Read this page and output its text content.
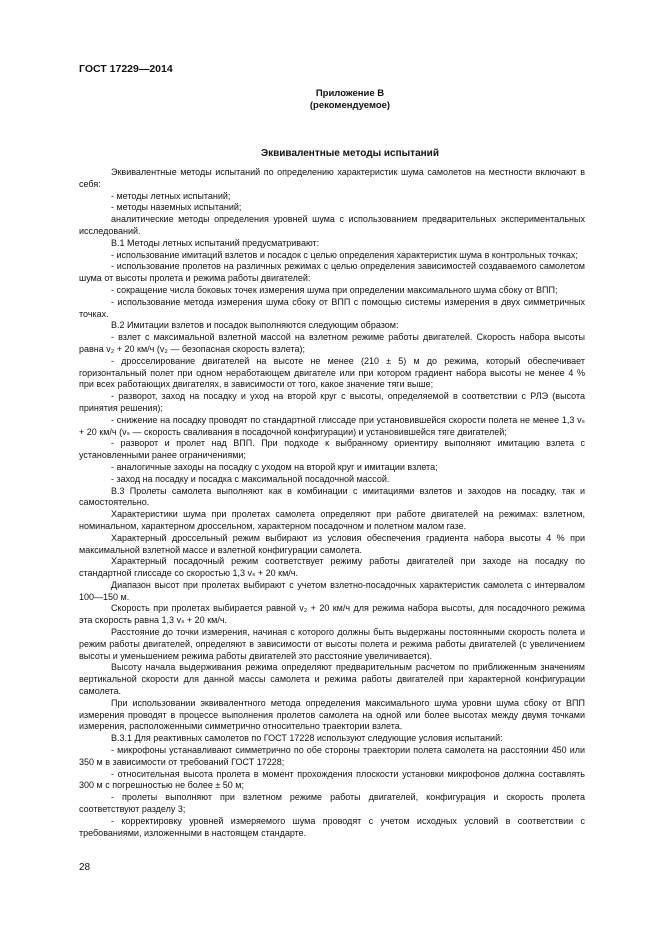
ГОСТ 17229—2014
Приложение В
(рекомендуемое)
Эквивалентные методы испытаний

Эквивалентные методы испытаний по определению характеристик шума самолетов на местности включают в себя:

- методы летных испытаний;

- методы наземных испытаний;

аналитические методы определения уровней шума с использованием предварительных экспериментальных исследований.

В.1 Методы летных испытаний предусматривают:

- использование имитаций взлетов и посадок с целью определения характеристик шума в контрольных точках;

- использование пролетов на различных режимах с целью определения зависимостей создаваемого самолетом шума от высоты пролета и режима работы двигателей:

- сокращение числа боковых точек измерения шума при определении максимального шума сбоку от ВПП;

- использование метода измерения шума сбоку от ВПП с помощью системы измерения в двух симметричных точках.

В.2 Имитации взлетов и посадок выполняются следующим образом:

- взлет с максимальной взлетной массой на взлетном режиме работы двигателей. Скорость набора высоты равна v₂ + 20 км/ч (v₂ — безопасная скорость взлета);

- дросселирование двигателей на высоте не менее (210 ± 5) м до режима, который обеспечивает горизонтальный полет при одном неработающем двигателе или при котором градиент набора высоты не менее 4 % при всех работающих двигателях, в зависимости от того, какое значение тяги выше;

- разворот, заход на посадку и уход на второй круг с высоты, определяемой в соответствии с РЛЭ (высота принятия решения);

- снижение на посадку проводят по стандартной глиссаде при установившейся скорости полета не менее 1,3 vₛ + 20 км/ч (vₛ — скорость сваливания в посадочной конфигурации) и установившейся тяге двигателей;

- разворот и пролет над ВПП. При подходе к выбранному ориентиру выполняют имитацию взлета с установленными ранее ограничениями;

- аналогичные заходы на посадку с уходом на второй круг и имитации взлета;

- заход на посадку и посадка с максимальной посадочной массой.

В.3 Пролеты самолета выполняют как в комбинации с имитациями взлетов и заходов на посадку, так и самостоятельно.

Характеристики шума при пролетах самолета определяют при работе двигателей на режимах: взлетном, номинальном, характерном дроссельном, характерном посадочном и полетном малом газе.

Характерный дроссельный режим выбирают из условия обеспечения градиента набора высоты 4 % при максимальной взлетной массе и взлетной конфигурации самолета.

Характерный посадочный режим соответствует режиму работы двигателей при заходе на посадку по стандартной глиссаде со скоростью 1,3 vₛ + 20 км/ч.

Диапазон высот при пролетах выбирают с учетом взлетно-посадочных характеристик самолета с интервалом 100—150 м.

Скорость при пролетах выбирается равной v₂ + 20 км/ч для режима набора высоты, для посадочного режима эта скорость равна 1,3 vₛ + 20 км/ч.

Расстояние до точки измерения, начиная с которого должны быть выдержаны постоянными скорость полета и режим работы двигателей, определяют в зависимости от высоты полета и режима работы двигателей (с увеличением высоты и уменьшением режима работы двигателей это расстояние увеличивается).

Высоту начала выдерживания режима определяют предварительным расчетом по приближенным значениям вертикальной скорости для данной массы самолета и режима работы двигателей при характерной конфигурации самолета.

При использовании эквивалентного метода определения максимального шума уровни шума сбоку от ВПП измерения проводят в процессе выполнения пролетов самолета на одной или более высотах между двумя точками измерения, расположенными симметрично относительно траектории взлета.

В.3.1 Для реактивных самолетов по ГОСТ 17228 используют следующие условия испытаний:

- микрофоны устанавливают симметрично по обе стороны траектории полета самолета на расстоянии 450 или 350 м в зависимости от требований ГОСТ 17228;

- относительная высота пролета в момент прохождения плоскости установки микрофонов должна составлять 300 м с погрешностью не более ± 50 м;

- пролеты выполняют при взлетном режиме работы двигателей, конфигурация и скорость пролета соответствуют разделу 3;

- корректировку уровней измеряемого шума проводят с учетом исходных условий в соответствии с требованиями, изложенными в настоящем стандарте.

28
